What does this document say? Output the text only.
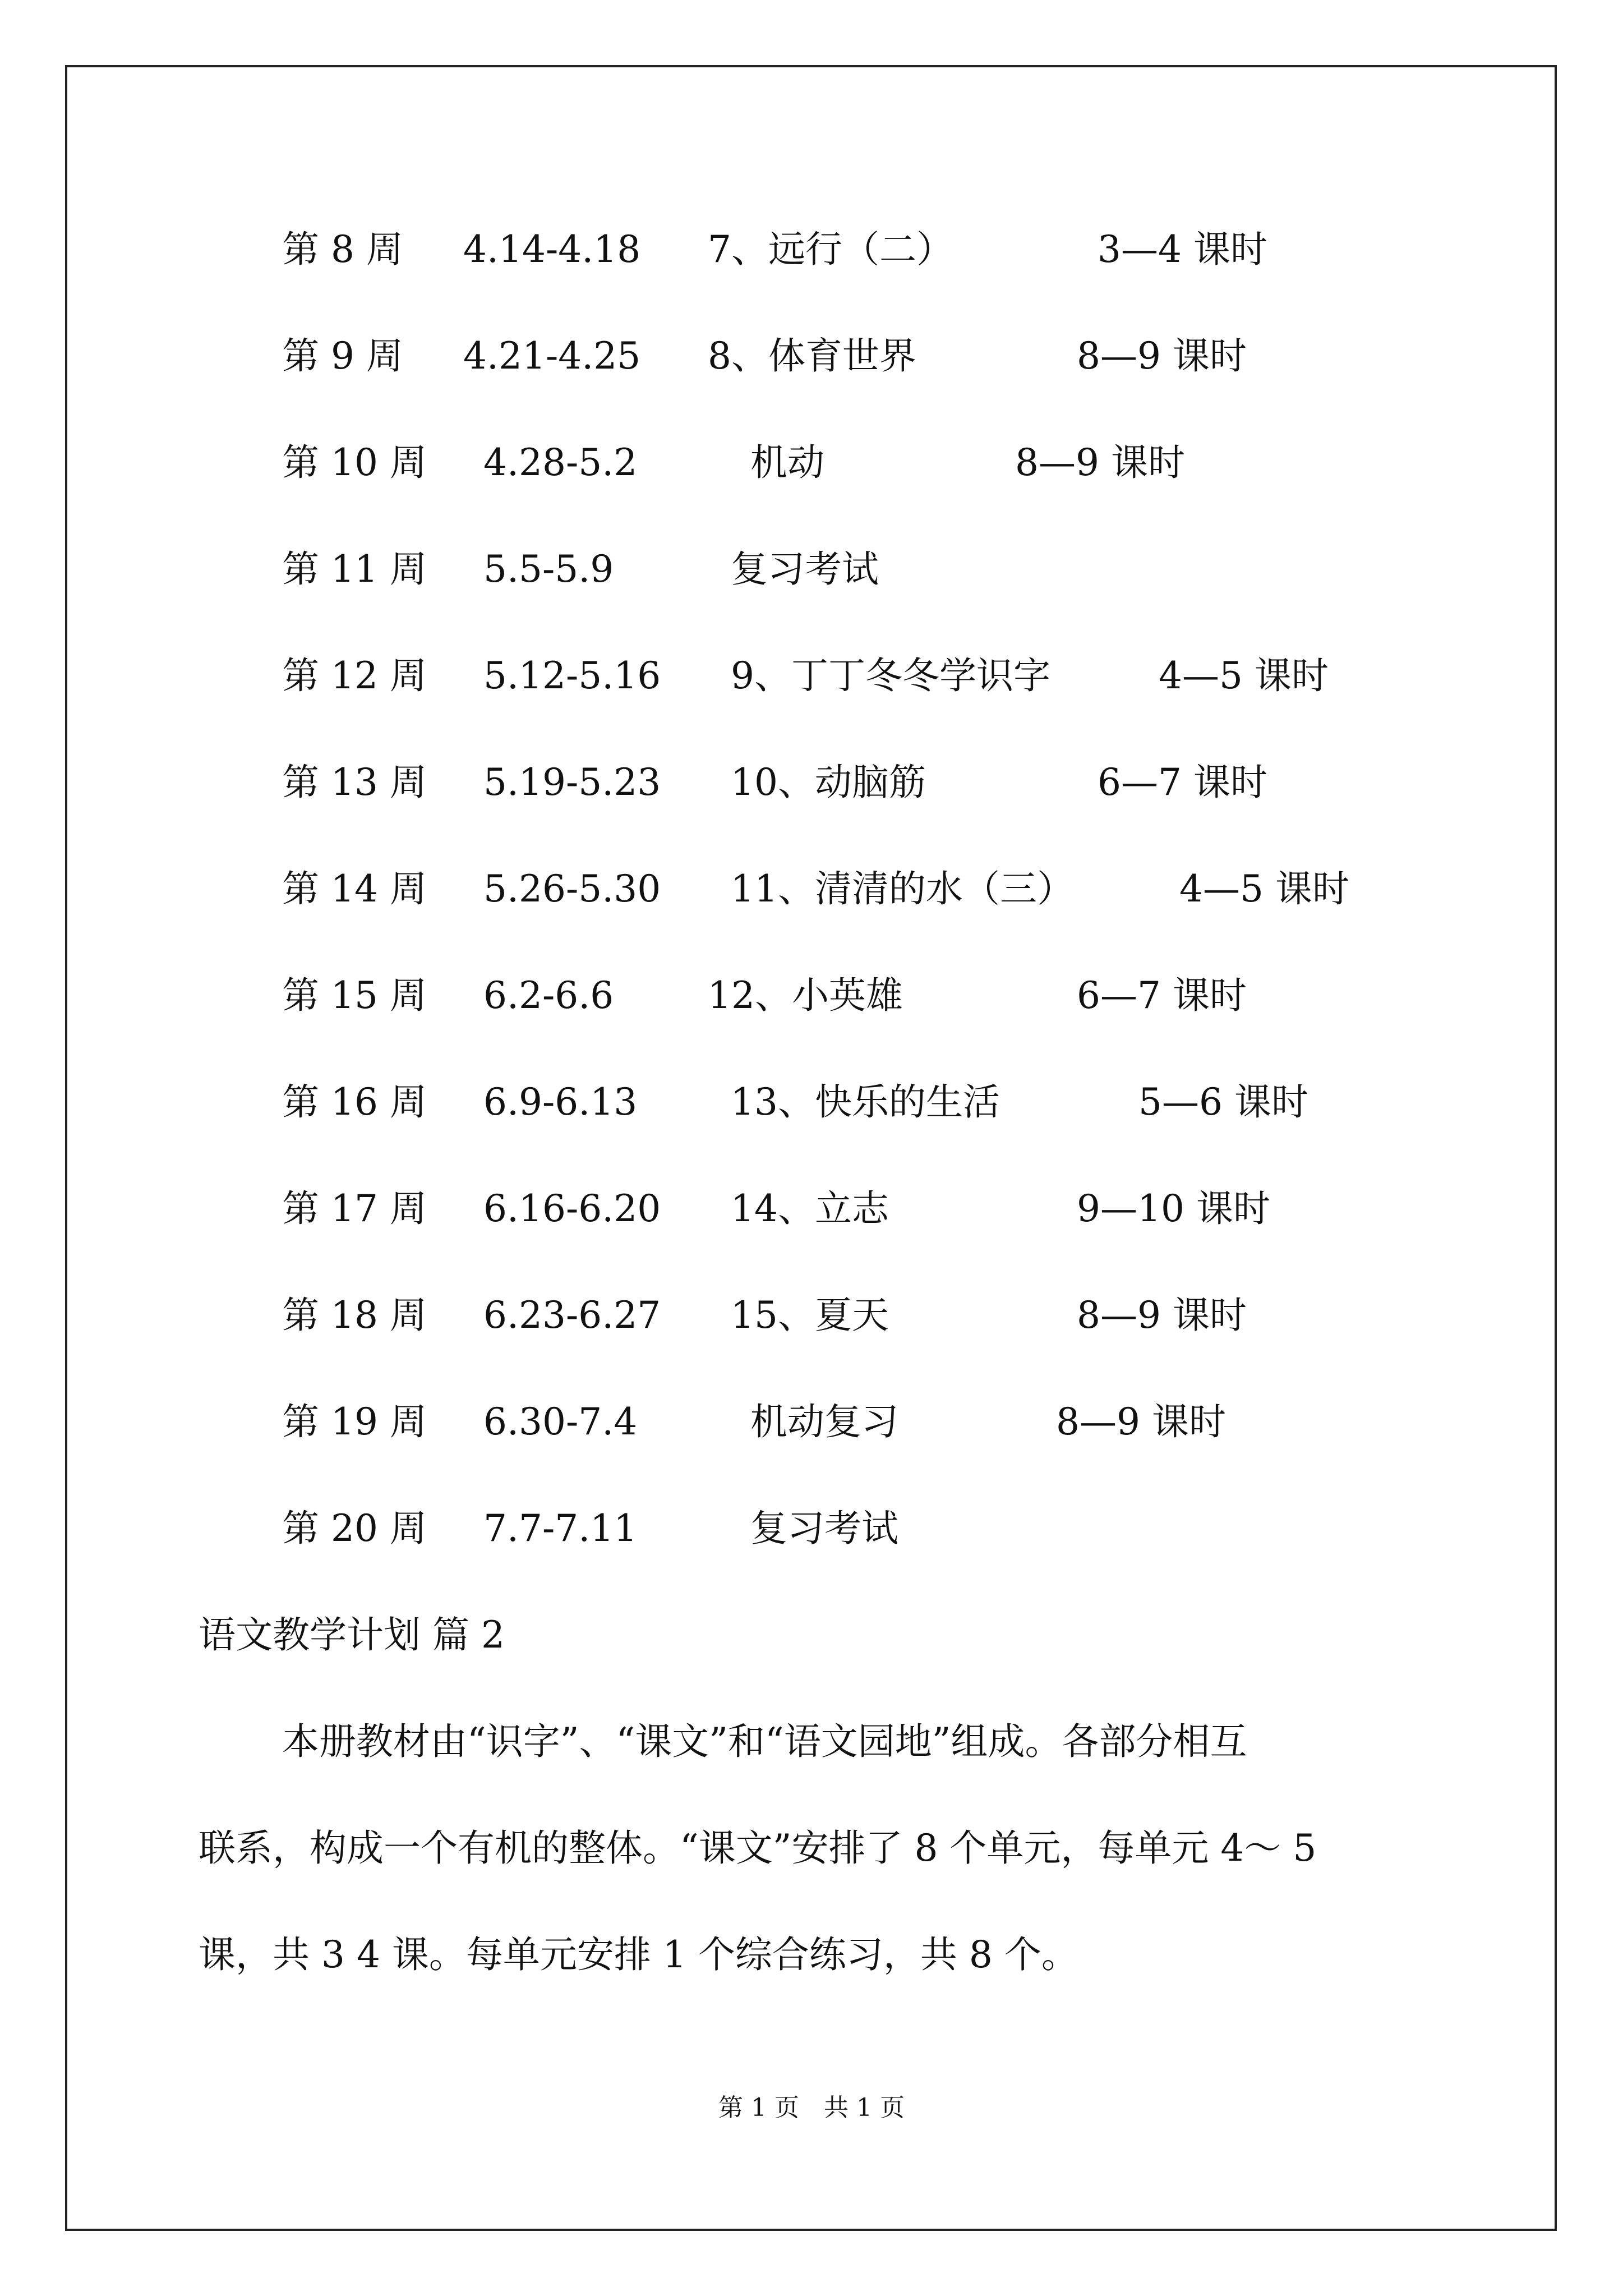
第 8 周 4.14-4.18 7、远行（二）	3—4 课时
第 9 周 4.21-4.25 8、体育世界	8—9 课时
第 10 周 4.28-5.2	机动	8—9 课时
第 11 周 5.5-5.9	复习考试
第 12 周 5.12-5.16 9、丁丁冬冬学识字	4—5 课时
第 13 周 5.19-5.23 10、动脑筋	6—7 课时
第 14 周 5.26-5.30 11、清清的水（三）	4—5 课时
第 15 周 6.2-6.6	12、小英雄	6—7 课时
第 16 周 6.9-6.13	13、快乐的生活	5—6 课时
第 17 周 6.16-6.20 14、立志	9—10 课时
第 18 周 6.23-6.27 15、夏天	8—9 课时
第 19 周 6.30-7.4	机动复习	8—9 课时
第 20 周 7.7-7.11	复习考试
语文教学计划 篇 2
本册教材由“识字”、“课文”和“语文园地”组成。各部分相互
联系，构成一个有机的整体。“课文”安排了 8 个单元，每单元 4～ 5
课，共 3 4 课。每单元安排 1 个综合练习，共 8 个。
第 1 页　共 1 页
